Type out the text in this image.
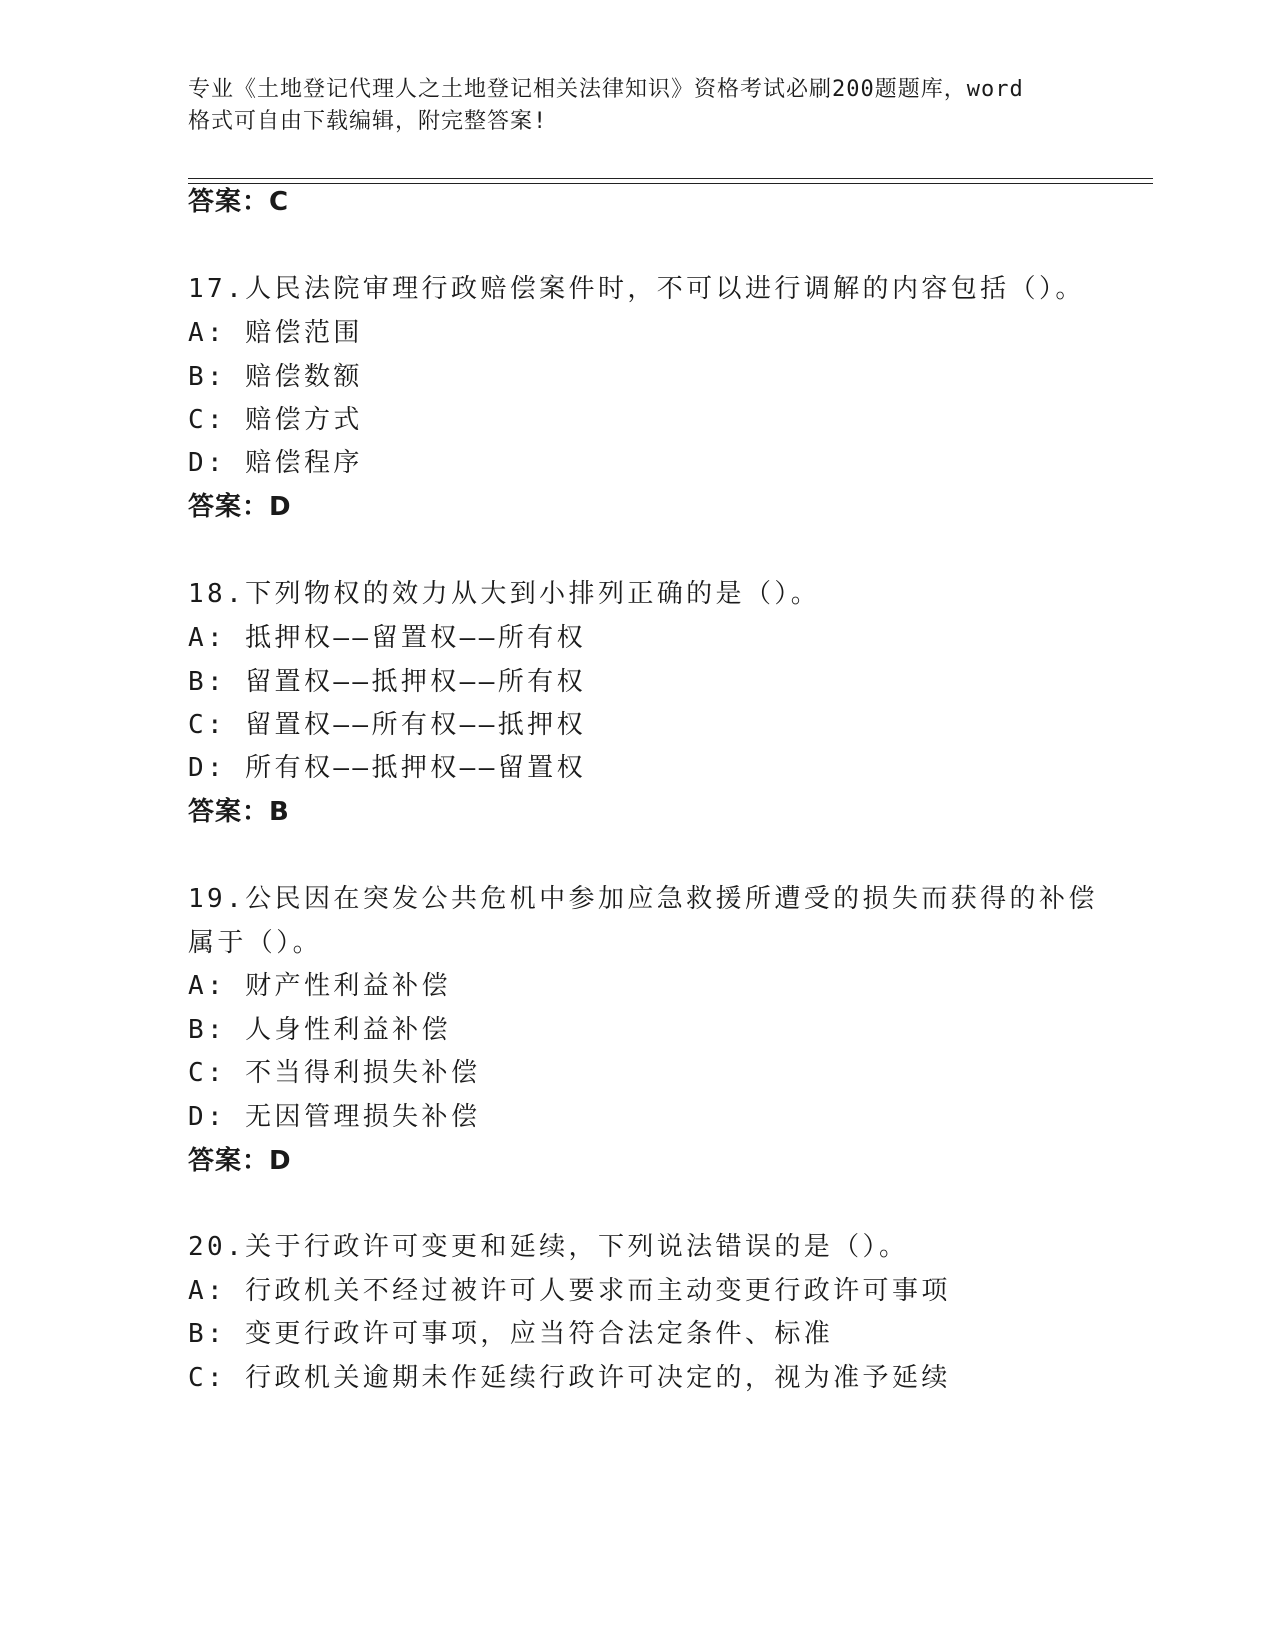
专业《土地登记代理人之土地登记相关法律知识》资格考试必刷200题题库，word
格式可自由下载编辑，附完整答案!
答案：C
17.人民法院审理行政赔偿案件时，不可以进行调解的内容包括（）。
A: 赔偿范围
B: 赔偿数额
C: 赔偿方式
D: 赔偿程序
答案：D
18.下列物权的效力从大到小排列正确的是（）。
A: 抵押权——留置权——所有权
B: 留置权——抵押权——所有权
C: 留置权——所有权——抵押权
D: 所有权——抵押权——留置权
答案：B
19.公民因在突发公共危机中参加应急救援所遭受的损失而获得的补偿
属于（）。
A: 财产性利益补偿
B: 人身性利益补偿
C: 不当得利损失补偿
D: 无因管理损失补偿
答案：D
20.关于行政许可变更和延续，下列说法错误的是（）。
A: 行政机关不经过被许可人要求而主动变更行政许可事项
B: 变更行政许可事项，应当符合法定条件、标准
C: 行政机关逾期未作延续行政许可决定的，视为准予延续
